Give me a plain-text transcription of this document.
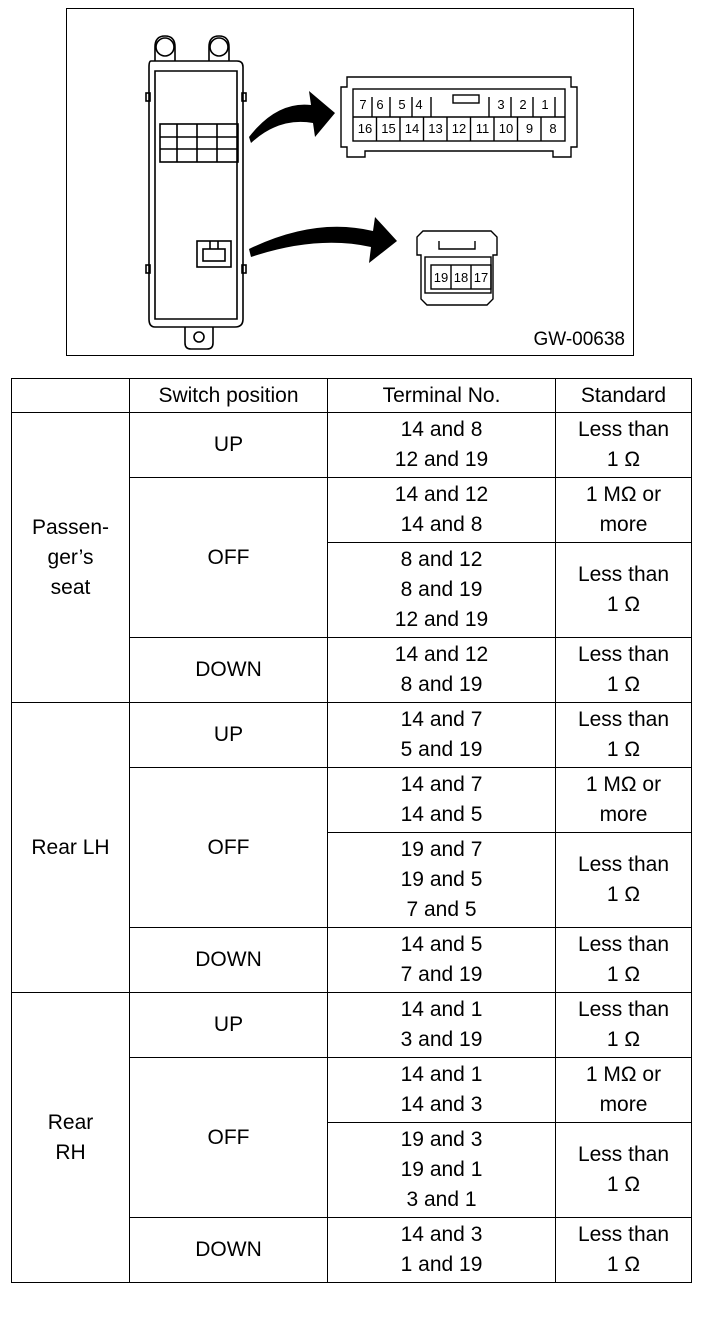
7 6 5 4	3 2 1
16 15 14 13 12 11 10 9 8
19 18 17
GW-00638
	Switch position	Terminal No.	Standard

Passen-
ger’s
seat	UP	14 and 8
12 and 19	Less than
1 Ω

	OFF	14 and 12
14 and 8	1 MΩ or
more

		8 and 12
8 and 19
12 and 19	Less than
1 Ω

	DOWN	14 and 12
8 and 19	Less than
1 Ω

Rear LH	UP	14 and 7
5 and 19	Less than
1 Ω

	OFF	14 and 7
14 and 5	1 MΩ or
more

		19 and 7
19 and 5
7 and 5	Less than
1 Ω

	DOWN	14 and 5
7 and 19	Less than
1 Ω

Rear
RH	UP	14 and 1
3 and 19	Less than
1 Ω

	OFF	14 and 1
14 and 3	1 MΩ or
more

		19 and 3
19 and 1
3 and 1	Less than
1 Ω

	DOWN	14 and 3
1 and 19	Less than
1 Ω
